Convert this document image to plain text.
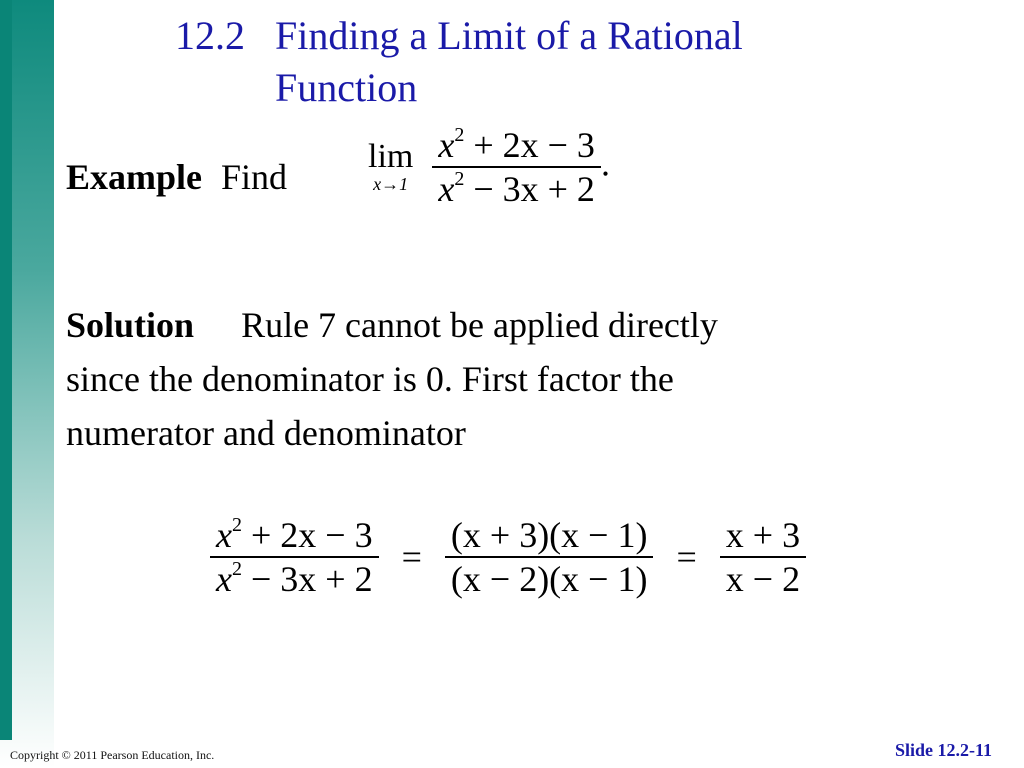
12.2 Finding a Limit of a Rational
Function
Example Find
lim
x→1
$\frac{x^2 + 2x - 3}{x^2 - 3x + 2}$ .
Solution Rule 7 cannot be applied directly
since the denominator is 0. First factor the
numerator and denominator
$\frac{x^2 + 2x - 3}{x^2 - 3x + 2} = \frac{(x + 3)(x - 1)}{(x - 2)(x - 1)} = \frac{x + 3}{x - 2}$
Copyright © 2011 Pearson Education, Inc.	Slide 12.2-11
